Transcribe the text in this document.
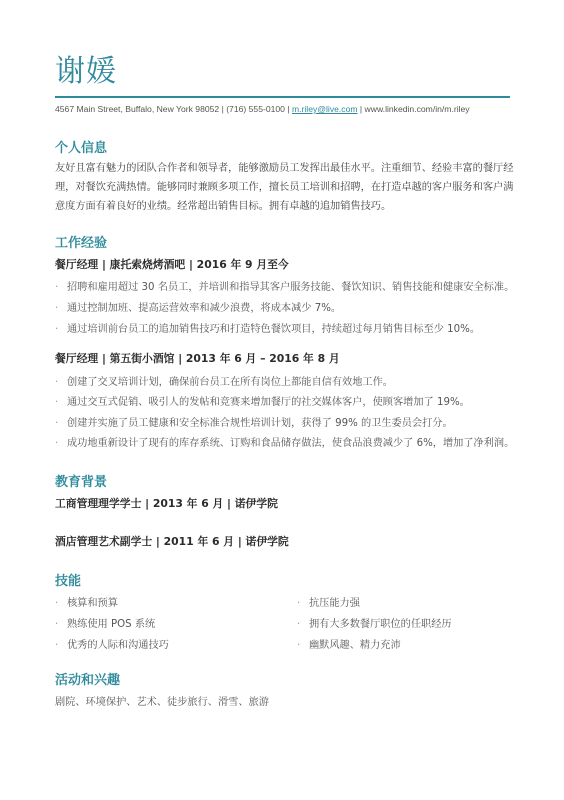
谢媛
4567 Main Street, Buffalo, New York 98052 | (716) 555-0100 | m.riley@live.com | www.linkedin.com/in/m.riley
个人信息
友好且富有魅力的团队合作者和领导者，能够激励员工发挥出最佳水平。注重细节、经验丰富的餐厅经理，对餐饮充满热情。能够同时兼顾多项工作，擅长员工培训和招聘，在打造卓越的客户服务和客户满意度方面有着良好的业绩。经常超出销售目标。拥有卓越的追加销售技巧。
工作经验
餐厅经理 | 康托索烧烤酒吧 | 2016 年 9 月至今
· 招聘和雇用超过 30 名员工，并培训和指导其客户服务技能、餐饮知识、销售技能和健康安全标准。
· 通过控制加班、提高运营效率和减少浪费，将成本减少 7%。
· 通过培训前台员工的追加销售技巧和打造特色餐饮项目，持续超过每月销售目标至少 10%。
餐厅经理 | 第五街小酒馆 | 2013 年 6 月 – 2016 年 8 月
· 创建了交叉培训计划，确保前台员工在所有岗位上都能自信有效地工作。
· 通过交互式促销、吸引人的发帖和竞赛来增加餐厅的社交媒体客户，使顾客增加了 19%。
· 创建并实施了员工健康和安全标准合规性培训计划，获得了 99% 的卫生委员会打分。
· 成功地重新设计了现有的库存系统、订购和食品储存做法，使食品浪费减少了 6%，增加了净利润。
教育背景
工商管理理学学士 | 2013 年 6 月 | 诺伊学院
酒店管理艺术副学士 | 2011 年 6 月 | 诺伊学院
技能
· 核算和预算
· 熟练使用 POS 系统
· 优秀的人际和沟通技巧
· 抗压能力强
· 拥有大多数餐厅职位的任职经历
· 幽默风趣、精力充沛
活动和兴趣
剧院、环境保护、艺术、徒步旅行、滑雪、旅游
